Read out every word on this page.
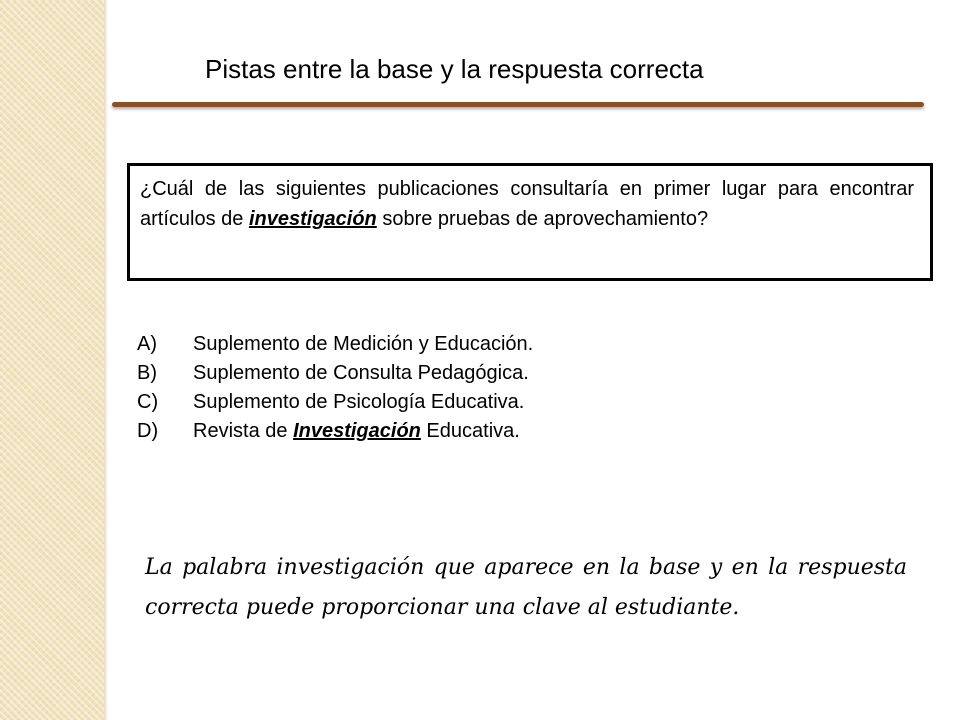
Pistas entre la base y la respuesta correcta

¿Cuál de las siguientes publicaciones consultaría en primer lugar para encontrar artículos de investigación sobre pruebas de aprovechamiento?

A) Suplemento de Medición y Educación.
B) Suplemento de Consulta Pedagógica.
C) Suplemento de Psicología Educativa.
D) Revista de Investigación Educativa.

La palabra investigación que aparece en la base y en la respuesta correcta puede proporcionar una clave al estudiante.
